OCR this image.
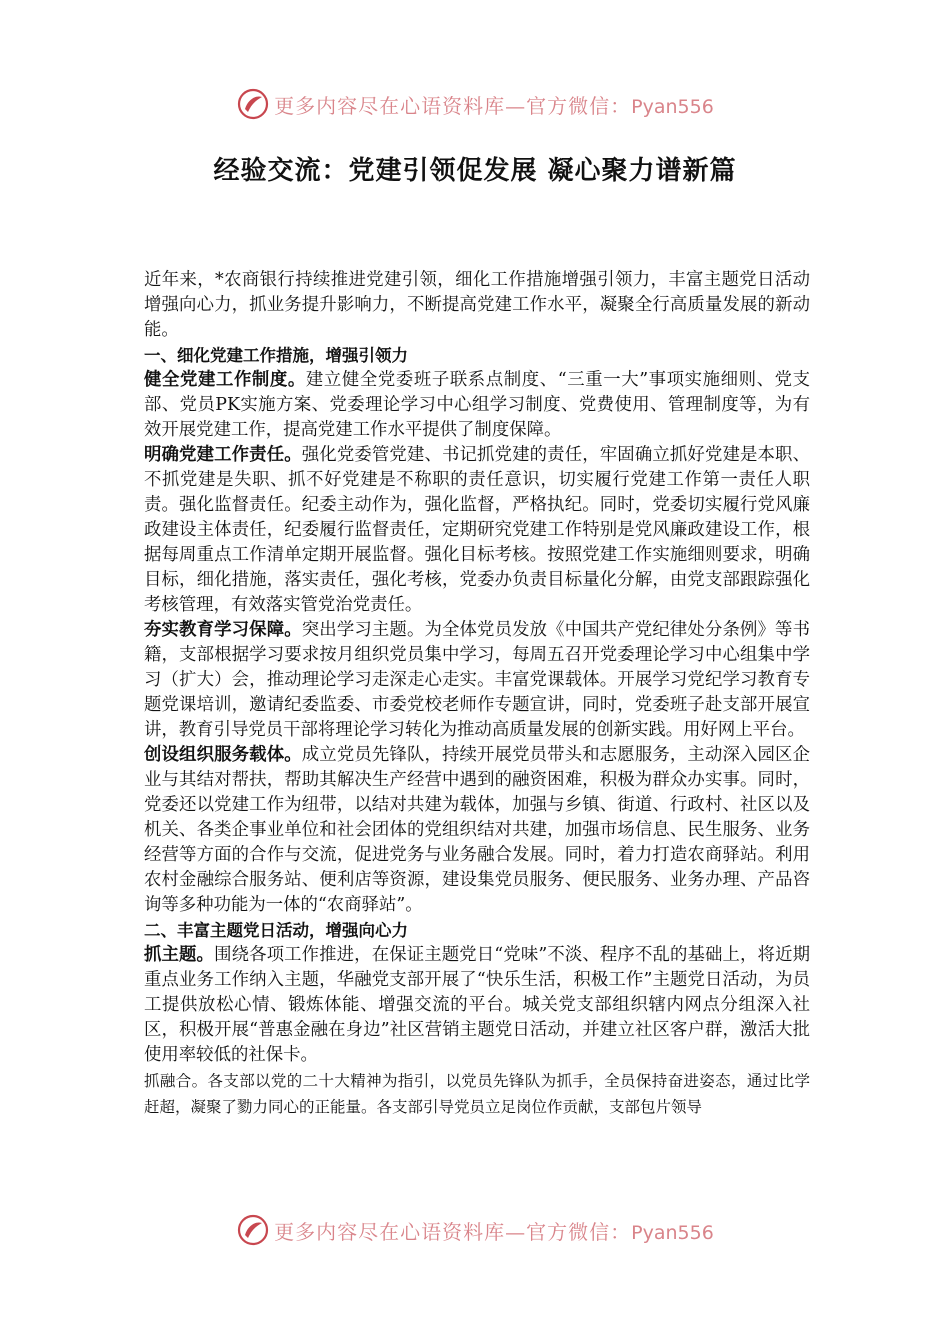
更多内容尽在心语资料库—官方微信：Pyan556
经验交流：党建引领促发展 凝心聚力谱新篇

近年来，*农商银行持续推进党建引领，细化工作措施增强引领力，丰富主题党日活动增强向心力，抓业务提升影响力，不断提高党建工作水平，凝聚全行高质量发展的新动能。

一、细化党建工作措施，增强引领力

健全党建工作制度。建立健全党委班子联系点制度、“三重一大”事项实施细则、党支部、党员PK实施方案、党委理论学习中心组学习制度、党费使用、管理制度等，为有效开展党建工作，提高党建工作水平提供了制度保障。

明确党建工作责任。强化党委管党建、书记抓党建的责任，牢固确立抓好党建是本职、不抓党建是失职、抓不好党建是不称职的责任意识，切实履行党建工作第一责任人职责。强化监督责任。纪委主动作为，强化监督，严格执纪。同时，党委切实履行党风廉政建设主体责任，纪委履行监督责任，定期研究党建工作特别是党风廉政建设工作，根据每周重点工作清单定期开展监督。强化目标考核。按照党建工作实施细则要求，明确目标，细化措施，落实责任，强化考核，党委办负责目标量化分解，由党支部跟踪强化考核管理，有效落实管党治党责任。

夯实教育学习保障。突出学习主题。为全体党员发放《中国共产党纪律处分条例》等书籍，支部根据学习要求按月组织党员集中学习，每周五召开党委理论学习中心组集中学习（扩大）会，推动理论学习走深走心走实。丰富党课载体。开展学习党纪学习教育专题党课培训，邀请纪委监委、市委党校老师作专题宣讲，同时，党委班子赴支部开展宣讲，教育引导党员干部将理论学习转化为推动高质量发展的创新实践。用好网上平台。

创设组织服务载体。成立党员先锋队，持续开展党员带头和志愿服务，主动深入园区企业与其结对帮扶，帮助其解决生产经营中遇到的融资困难，积极为群众办实事。同时，党委还以党建工作为纽带，以结对共建为载体，加强与乡镇、街道、行政村、社区以及机关、各类企事业单位和社会团体的党组织结对共建，加强市场信息、民生服务、业务经营等方面的合作与交流，促进党务与业务融合发展。同时，着力打造农商驿站。利用农村金融综合服务站、便利店等资源，建设集党员服务、便民服务、业务办理、产品咨询等多种功能为一体的“农商驿站”。

二、丰富主题党日活动，增强向心力

抓主题。围绕各项工作推进，在保证主题党日“党味”不淡、程序不乱的基础上，将近期重点业务工作纳入主题，华融党支部开展了“快乐生活，积极工作”主题党日活动，为员工提供放松心情、锻炼体能、增强交流的平台。城关党支部组织辖内网点分组深入社区，积极开展“普惠金融在身边”社区营销主题党日活动，并建立社区客户群，激活大批使用率较低的社保卡。

抓融合。各支部以党的二十大精神为指引，以党员先锋队为抓手，全员保持奋进姿态，通过比学赶超，凝聚了勠力同心的正能量。各支部引导党员立足岗位作贡献，支部包片领导

更多内容尽在心语资料库—官方微信：Pyan556
